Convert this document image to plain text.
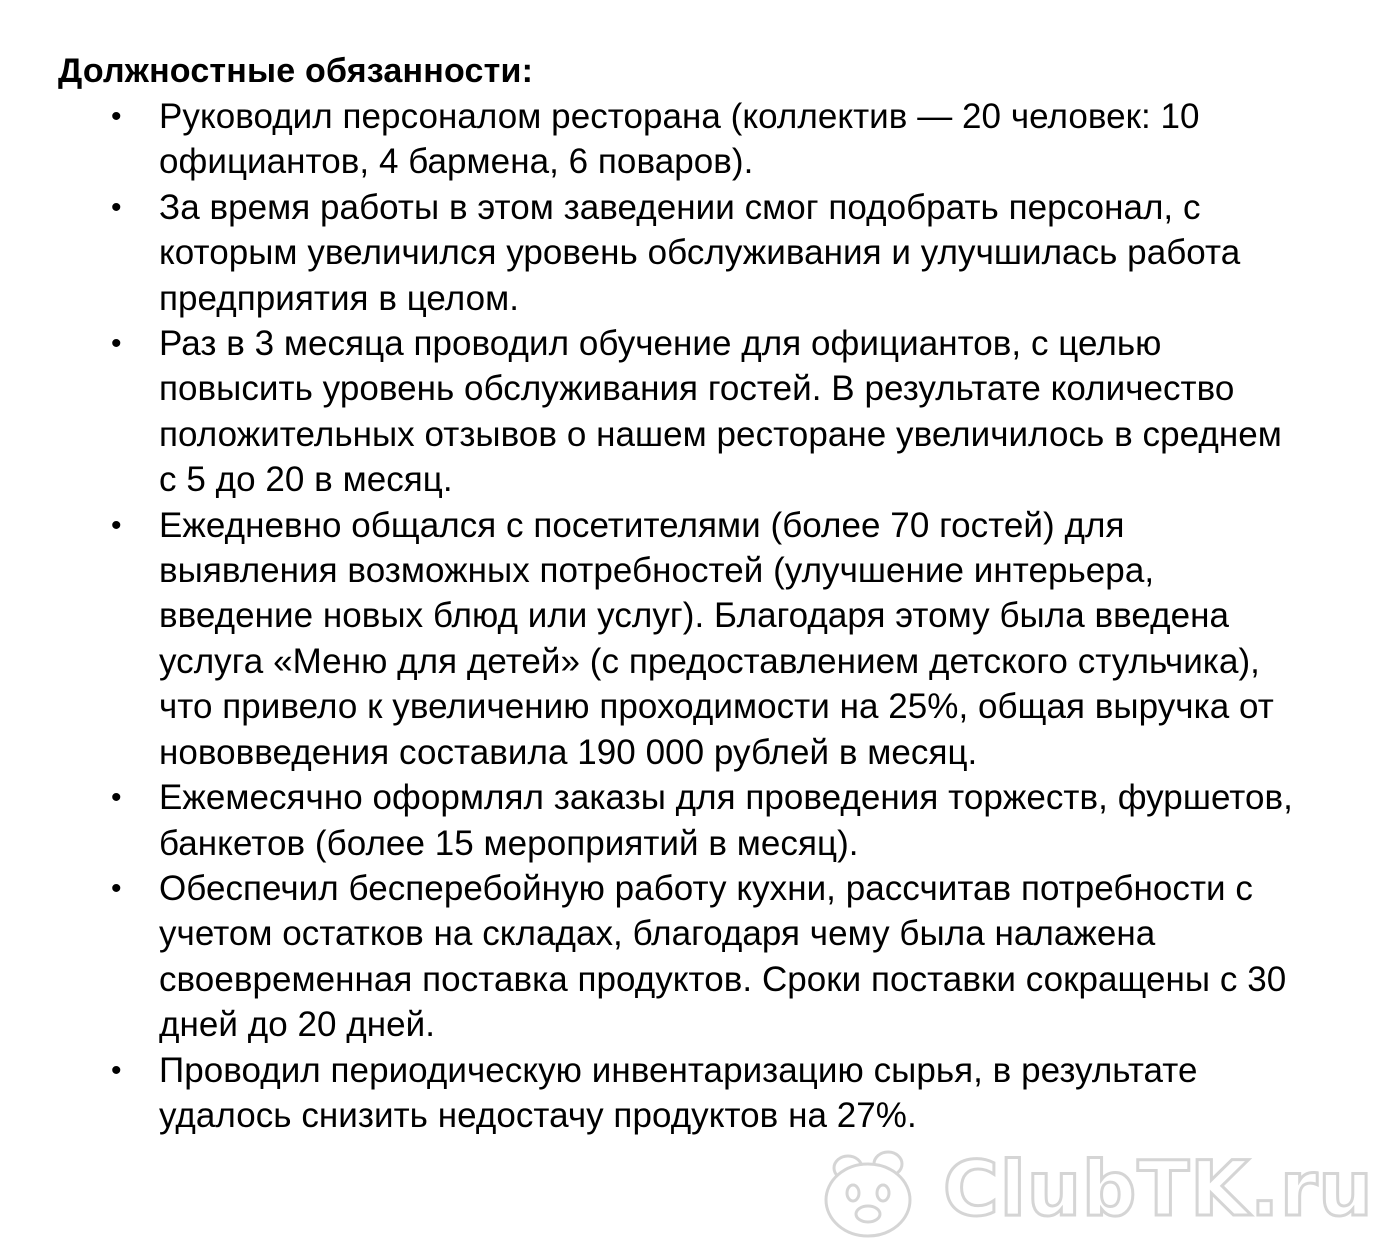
Должностные обязанности:
• Руководил персоналом ресторана (коллектив — 20 человек: 10 официантов, 4 бармена, 6 поваров).
• За время работы в этом заведении смог подобрать персонал, с которым увеличился уровень обслуживания и улучшилась работа предприятия в целом.
• Раз в 3 месяца проводил обучение для официантов, с целью повысить уровень обслуживания гостей. В результате количество положительных отзывов о нашем ресторане увеличилось в среднем с 5 до 20 в месяц.
• Ежедневно общался с посетителями (более 70 гостей) для выявления возможных потребностей (улучшение интерьера, введение новых блюд или услуг). Благодаря этому была введена услуга «Меню для детей» (с предоставлением детского стульчика), что привело к увеличению проходимости на 25%, общая выручка от нововведения составила 190 000 рублей в месяц.
• Ежемесячно оформлял заказы для проведения торжеств, фуршетов, банкетов (более 15 мероприятий в месяц).
• Обеспечил бесперебойную работу кухни, рассчитав потребности с учетом остатков на складах, благодаря чему была налажена своевременная поставка продуктов. Сроки поставки сокращены с 30 дней до 20 дней.
• Проводил периодическую инвентаризацию сырья, в результате удалось снизить недостачу продуктов на 27%.
ClubTK.ru
